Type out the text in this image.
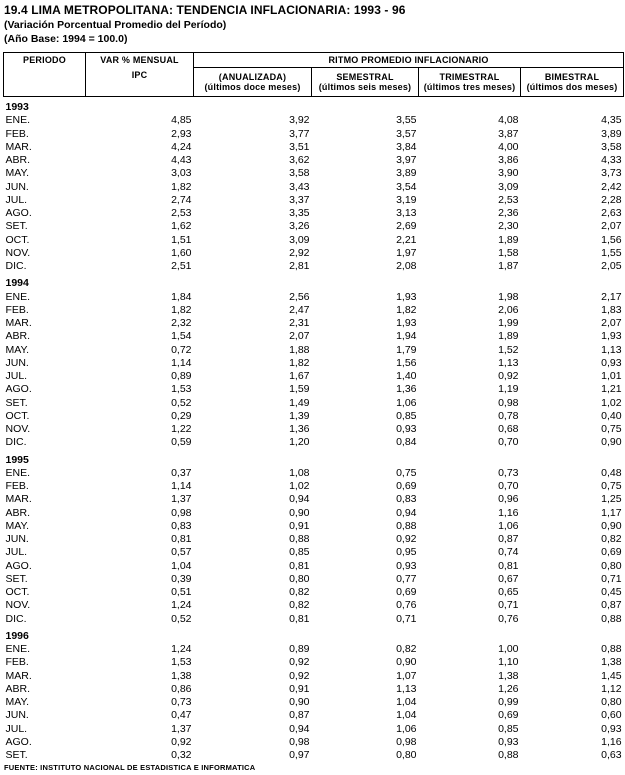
19.4 LIMA METROPOLITANA: TENDENCIA INFLACIONARIA: 1993 - 96
(Variación Porcentual Promedio del Período)
(Año Base: 1994 = 100.0)
PERIODO	VAR % MENSUAL	RITMO PROMEDIO INFLACIONARIO			
	IPC	(ANUALIZADA)	SEMESTRAL	TRIMESTRAL	BIMESTRAL
		(últimos doce meses)	(últimos seis meses)	(últimos tres meses)	(últimos dos meses)

1993					
ENE.	4,85	3,92	3,55	4,08	4,35
FEB.	2,93	3,77	3,57	3,87	3,89
MAR.	4,24	3,51	3,84	4,00	3,58
ABR.	4,43	3,62	3,97	3,86	4,33
MAY.	3,03	3,58	3,89	3,90	3,73
JUN.	1,82	3,43	3,54	3,09	2,42
JUL.	2,74	3,37	3,19	2,53	2,28
AGO.	2,53	3,35	3,13	2,36	2,63
SET.	1,62	3,26	2,69	2,30	2,07
OCT.	1,51	3,09	2,21	1,89	1,56
NOV.	1,60	2,92	1,97	1,58	1,55
DIC.	2,51	2,81	2,08	1,87	2,05

1994					
ENE.	1,84	2,56	1,93	1,98	2,17
FEB.	1,82	2,47	1,82	2,06	1,83
MAR.	2,32	2,31	1,93	1,99	2,07
ABR.	1,54	2,07	1,94	1,89	1,93
MAY.	0,72	1,88	1,79	1,52	1,13
JUN.	1,14	1,82	1,56	1,13	0,93
JUL.	0,89	1,67	1,40	0,92	1,01
AGO.	1,53	1,59	1,36	1,19	1,21
SET.	0,52	1,49	1,06	0,98	1,02
OCT.	0,29	1,39	0,85	0,78	0,40
NOV.	1,22	1,36	0,93	0,68	0,75
DIC.	0,59	1,20	0,84	0,70	0,90

1995					
ENE.	0,37	1,08	0,75	0,73	0,48
FEB.	1,14	1,02	0,69	0,70	0,75
MAR.	1,37	0,94	0,83	0,96	1,25
ABR.	0,98	0,90	0,94	1,16	1,17
MAY.	0,83	0,91	0,88	1,06	0,90
JUN.	0,81	0,88	0,92	0,87	0,82
JUL.	0,57	0,85	0,95	0,74	0,69
AGO.	1,04	0,81	0,93	0,81	0,80
SET.	0,39	0,80	0,77	0,67	0,71
OCT.	0,51	0,82	0,69	0,65	0,45
NOV.	1,24	0,82	0,76	0,71	0,87
DIC.	0,52	0,81	0,71	0,76	0,88

1996					
ENE.	1,24	0,89	0,82	1,00	0,88
FEB.	1,53	0,92	0,90	1,10	1,38
MAR.	1,38	0,92	1,07	1,38	1,45
ABR.	0,86	0,91	1,13	1,26	1,12
MAY.	0,73	0,90	1,04	0,99	0,80
JUN.	0,47	0,87	1,04	0,69	0,60
JUL.	1,37	0,94	1,06	0,85	0,93
AGO.	0,92	0,98	0,98	0,93	1,16
SET.	0,32	0,97	0,80	0,88	0,63
FUENTE: INSTITUTO NACIONAL DE ESTADISTICA E INFORMATICA
